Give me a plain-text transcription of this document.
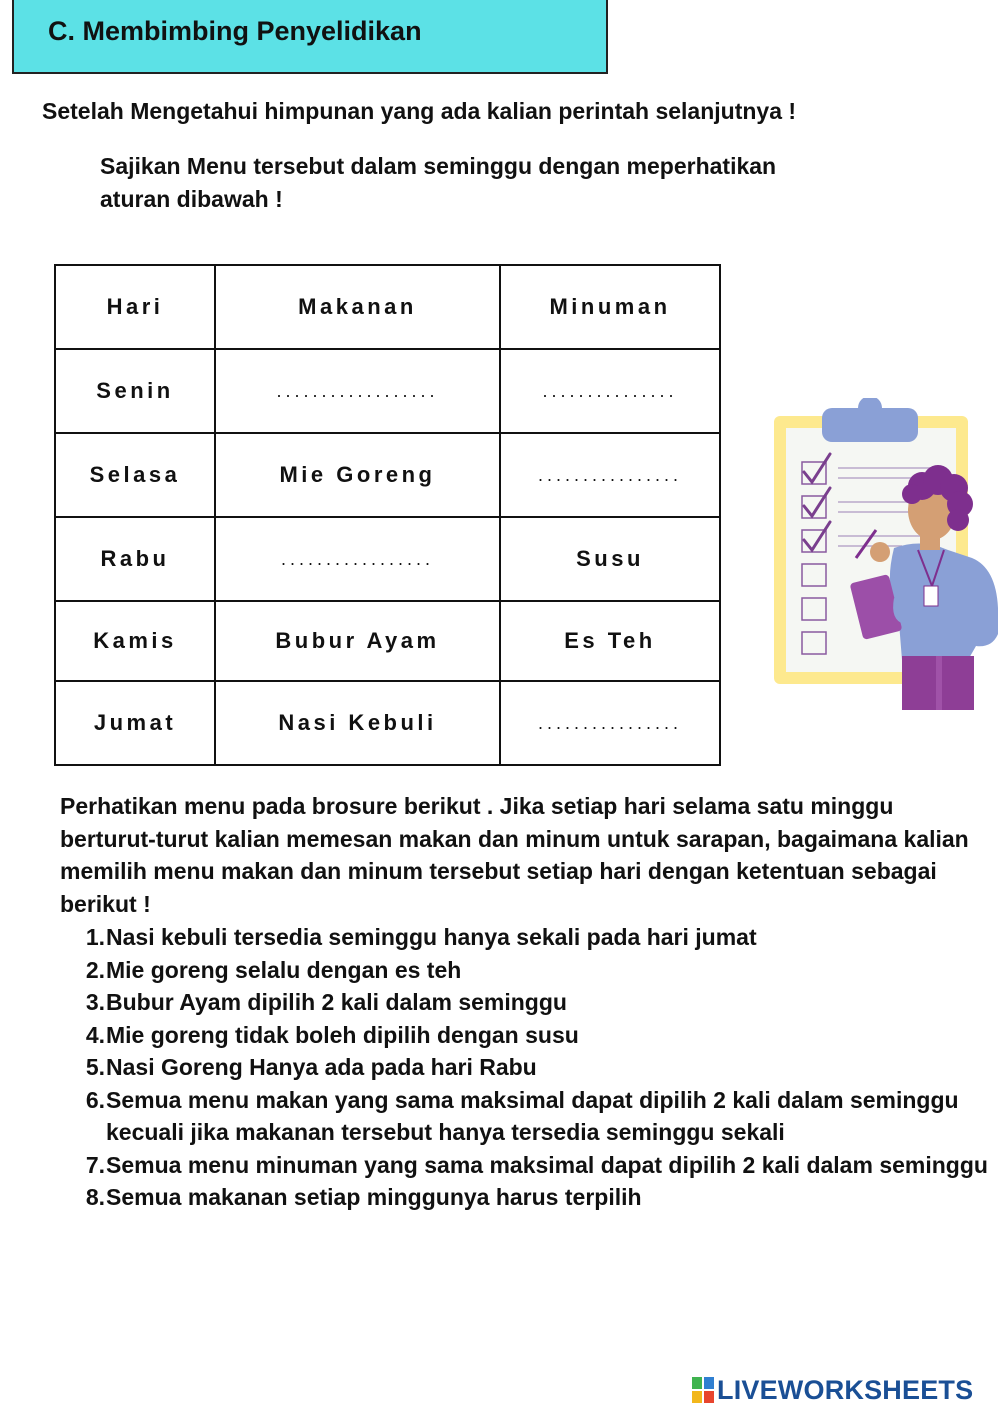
C. Membimbing Penyelidikan
Setelah Mengetahui himpunan yang ada kalian perintah selanjutnya !
Sajikan Menu tersebut dalam seminggu dengan meperhatikan aturan dibawah !
Hari	Makanan	Minuman
Senin	..................	...............
Selasa	Mie Goreng	................
Rabu	.................	Susu
Kamis	Bubur Ayam	Es Teh
Jumat	Nasi Kebuli	................
Perhatikan menu pada brosure berikut . Jika setiap hari selama satu minggu berturut-turut kalian memesan makan dan minum untuk sarapan, bagaimana kalian memilih menu makan dan minum tersebut setiap hari dengan ketentuan sebagai berikut !
1. Nasi kebuli tersedia seminggu hanya sekali pada hari jumat
2. Mie goreng selalu dengan es teh
3. Bubur Ayam dipilih 2 kali dalam seminggu
4. Mie goreng tidak boleh dipilih dengan susu
5. Nasi Goreng Hanya ada pada hari Rabu
6. Semua menu makan yang sama maksimal dapat dipilih 2 kali dalam seminggu kecuali jika makanan tersebut hanya tersedia seminggu sekali
7. Semua menu minuman yang sama maksimal dapat dipilih 2 kali dalam seminggu
8. Semua makanan setiap minggunya harus terpilih
LIVEWORKSHEETS
